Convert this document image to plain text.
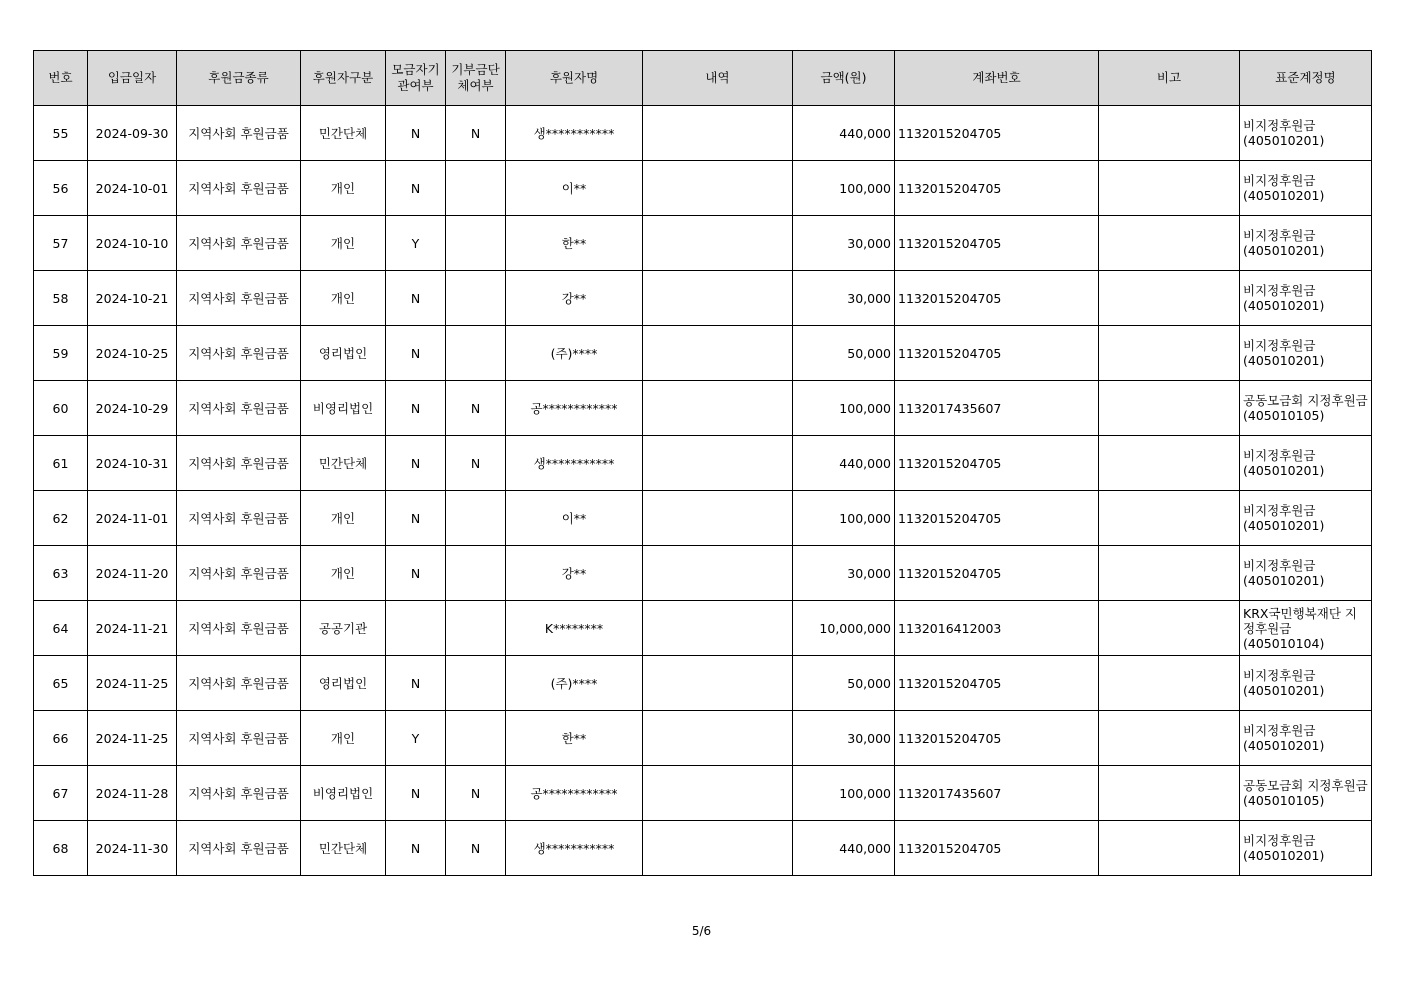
번호	입금일자	후원금종류	후원자구분	모금자기관여부	기부금단체여부	후원자명	내역	금액(원)	계좌번호	비고	표준계정명
55	2024-09-30	지역사회 후원금품	민간단체	N	N	생***********		440,000	1132015204705		비지정후원금(405010201)
56	2024-10-01	지역사회 후원금품	개인	N		이**		100,000	1132015204705		비지정후원금(405010201)
57	2024-10-10	지역사회 후원금품	개인	Y		한**		30,000	1132015204705		비지정후원금(405010201)
58	2024-10-21	지역사회 후원금품	개인	N		강**		30,000	1132015204705		비지정후원금(405010201)
59	2024-10-25	지역사회 후원금품	영리법인	N		(주)****		50,000	1132015204705		비지정후원금(405010201)
60	2024-10-29	지역사회 후원금품	비영리법인	N	N	공************		100,000	1132017435607		공동모금회 지정후원금(405010105)
61	2024-10-31	지역사회 후원금품	민간단체	N	N	생***********		440,000	1132015204705		비지정후원금(405010201)
62	2024-11-01	지역사회 후원금품	개인	N		이**		100,000	1132015204705		비지정후원금(405010201)
63	2024-11-20	지역사회 후원금품	개인	N		강**		30,000	1132015204705		비지정후원금(405010201)
64	2024-11-21	지역사회 후원금품	공공기관			K********		10,000,000	1132016412003		KRX국민행복재단 지정후원금(405010104)
65	2024-11-25	지역사회 후원금품	영리법인	N		(주)****		50,000	1132015204705		비지정후원금(405010201)
66	2024-11-25	지역사회 후원금품	개인	Y		한**		30,000	1132015204705		비지정후원금(405010201)
67	2024-11-28	지역사회 후원금품	비영리법인	N	N	공************		100,000	1132017435607		공동모금회 지정후원금(405010105)
68	2024-11-30	지역사회 후원금품	민간단체	N	N	생***********		440,000	1132015204705		비지정후원금(405010201)
5/6
